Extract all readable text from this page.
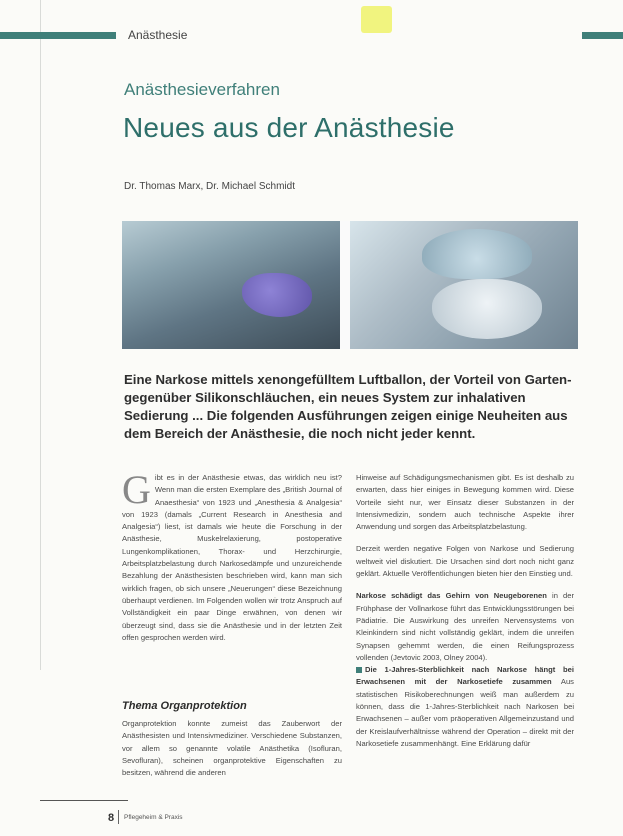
Anästhesie
Anästhesieverfahren
Neues aus der Anästhesie
Dr. Thomas Marx, Dr. Michael Schmidt
Eine Narkose mittels xenongefülltem Luftballon, der Vorteil von Garten- gegenüber Silikonschläuchen, ein neues System zur inhalativen Sedierung ... Die folgenden Ausführungen zeigen einige Neuheiten aus dem Bereich der Anästhesie, die noch nicht jeder kennt.
G ibt es in der Anästhesie etwas, das wirklich neu ist? Wenn man die ersten Exemplare des „British Journal of Anaesthesia“ von 1923 und „Anesthesia & Analgesia“ von 1923 (damals „Current Research in Anesthesia and Analgesia“) liest, ist damals wie heute die Forschung in der Anästhesie, Muskelrelaxierung, postoperative Lungenkomplikationen, Thorax- und Herzchirurgie, Arbeitsplatzbelastung durch Narkosedämpfe und unzureichende Bezahlung der Anästhesisten beschrieben wird, kann man sich wirklich fragen, ob sich unsere „Neuerungen“ diese Bezeichnung überhaupt verdienen. Im Folgenden wollen wir trotz Anspruch auf Vollständigkeit ein paar Dinge erwähnen, von denen wir überzeugt sind, dass sie die Anästhesie und in der letzten Zeit offen gesprochen werden wird.
Thema Organprotektion
Organprotektion konnte zumeist das Zauberwort der Anästhesisten und Intensivmediziner. Verschiedene Substanzen, vor allem so genannte volatile Anästhetika (Isofluran, Sevofluran), scheinen organprotektive Eigenschaften zu besitzen, während die anderen
Hinweise auf Schädigungsmechanismen gibt. Es ist deshalb zu erwarten, dass hier einiges in Bewegung kommen wird. Diese Vorteile sieht nur, wer Einsatz dieser Substanzen in der Intensivmedizin, sondern auch technische Aspekte ihrer Anwendung und sorgen das Arbeitsplatzbelastung.
Derzeit werden negative Folgen von Narkose und Sedierung weltweit viel diskutiert. Die Ursachen sind dort noch nicht ganz geklärt. Aktuelle Veröffentlichungen bieten hier den Einstieg und.
Narkose schädigt das Gehirn von Neugeborenen in der Frühphase der Vollnarkose führt das Entwicklungsstörungen bei Pädiatrie. Die Auswirkung des unreifen Nervensystems von Kleinkindern sind nicht vollständig geklärt, indem die unreifen Synapsen gehemmt werden, die einen Reifungsprozess vollenden (Jevtovic 2003, Olney 2004).
Die 1-Jahres-Sterblichkeit nach Narkose hängt bei Erwachsenen mit der Narkosetiefe zusammen Aus statistischen Risikoberechnungen weiß man außerdem zu können, dass die 1-Jahres-Sterblichkeit nach Narkosen bei Erwachsenen – außer vom präoperativen Allgemeinzustand und der Kreislaufverhältnisse während der Operation – direkt mit der Narkosetiefe zusammenhängt. Eine Erklärung dafür
8 Pflegeheim & Praxis
